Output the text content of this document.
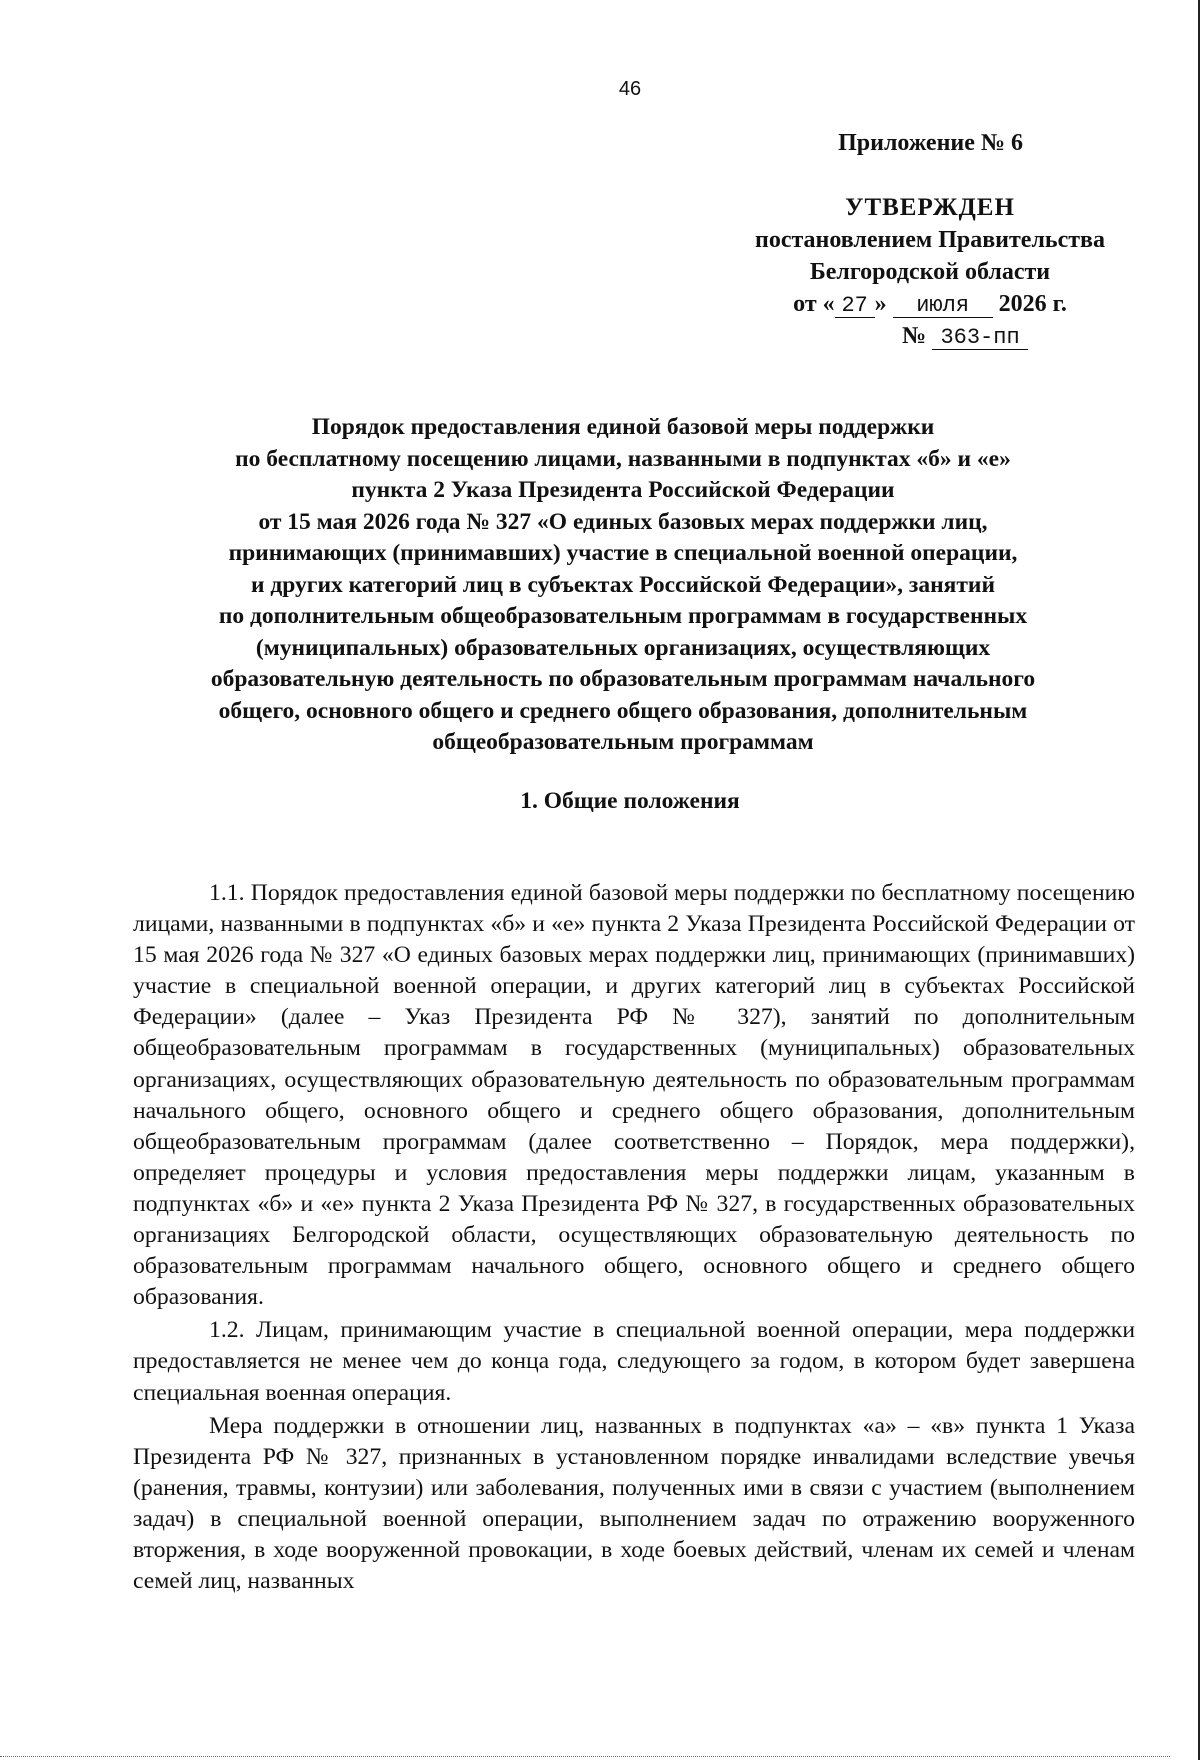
46
Приложение № 6
УТВЕРЖДЕН
постановлением Правительства
Белгородской области
от « 27 » июля 2026 г.
№ 363-пп
Порядок предоставления единой базовой меры поддержки
по бесплатному посещению лицами, названными в подпунктах «б» и «е»
пункта 2 Указа Президента Российской Федерации
от 15 мая 2026 года № 327 «О единых базовых мерах поддержки лиц,
принимающих (принимавших) участие в специальной военной операции,
и других категорий лиц в субъектах Российской Федерации», занятий
по дополнительным общеобразовательным программам в государственных
(муниципальных) образовательных организациях, осуществляющих
образовательную деятельность по образовательным программам начального
общего, основного общего и среднего общего образования, дополнительным
общеобразовательным программам
1. Общие положения

1.1. Порядок предоставления единой базовой меры поддержки по бесплатному посещению лицами, названными в подпунктах «б» и «е» пункта 2 Указа Президента Российской Федерации от 15 мая 2026 года № 327 «О единых базовых мерах поддержки лиц, принимающих (принимавших) участие в специальной военной операции, и других категорий лиц в субъектах Российской Федерации» (далее – Указ Президента РФ № 327), занятий по дополнительным общеобразовательным программам в государственных (муниципальных) образовательных организациях, осуществляющих образовательную деятельность по образовательным программам начального общего, основного общего и среднего общего образования, дополнительным общеобразовательным программам (далее соответственно – Порядок, мера поддержки), определяет процедуры и условия предоставления меры поддержки лицам, указанным в подпунктах «б» и «е» пункта 2 Указа Президента РФ № 327, в государственных образовательных организациях Белгородской области, осуществляющих образовательную деятельность по образовательным программам начального общего, основного общего и среднего общего образования.

1.2. Лицам, принимающим участие в специальной военной операции, мера поддержки предоставляется не менее чем до конца года, следующего за годом, в котором будет завершена специальная военная операция.

Мера поддержки в отношении лиц, названных в подпунктах «а» – «в» пункта 1 Указа Президента РФ № 327, признанных в установленном порядке инвалидами вследствие увечья (ранения, травмы, контузии) или заболевания, полученных ими в связи с участием (выполнением задач) в специальной военной операции, выполнением задач по отражению вооруженного вторжения, в ходе вооруженной провокации, в ходе боевых действий, членам их семей и членам семей лиц, названных
